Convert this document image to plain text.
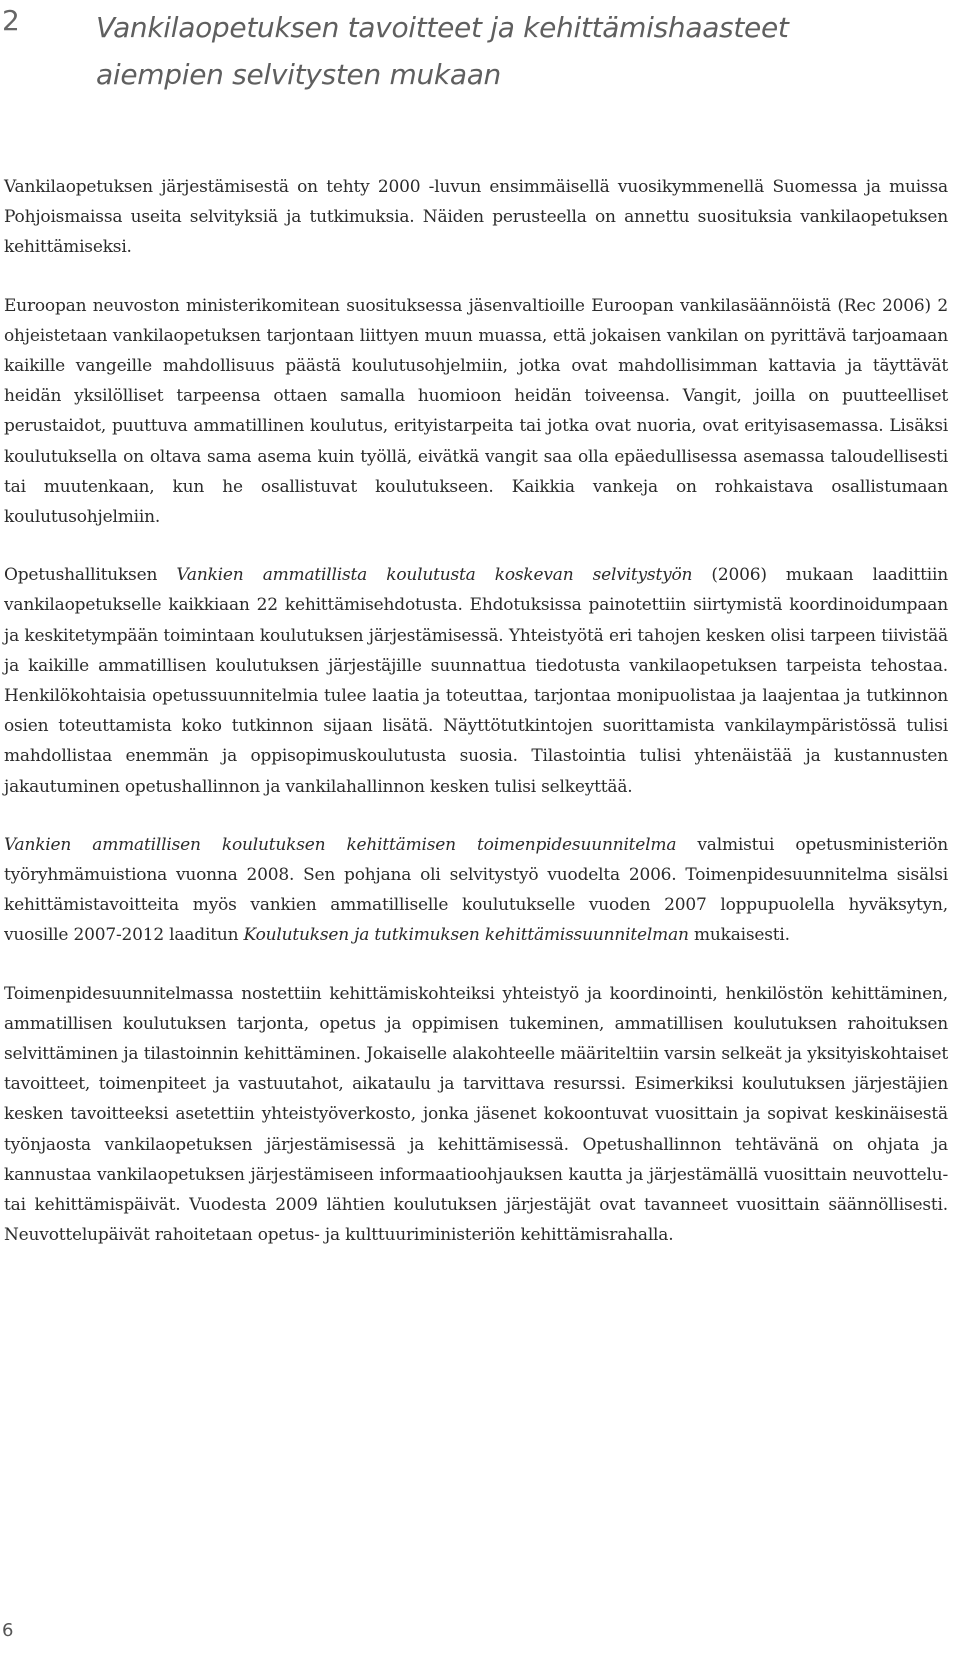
2	Vankilaopetuksen tavoitteet ja kehittämishaasteet aiempien selvitysten mukaan

Vankilaopetuksen järjestämisestä on tehty 2000 -luvun ensimmäisellä vuosikymmenellä Suomessa ja muissa Pohjoismaissa useita selvityksiä ja tutkimuksia. Näiden perusteella on annettu suosituksia vankilaopetuksen kehittämiseksi.

Euroopan neuvoston ministerikomitean suosituksessa jäsenvaltioille Euroopan vankilasäännöistä (Rec 2006) 2 ohjeistetaan vankilaopetuksen tarjontaan liittyen muun muassa, että jokaisen vankilan on pyrittävä tarjoamaan kaikille vangeille mahdollisuus päästä koulutusohjelmiin, jotka ovat mahdollisimman kattavia ja täyttävät heidän yksilölliset tarpeensa ottaen samalla huomioon heidän toiveensa. Vangit, joilla on puutteelliset perustaidot, puuttuva ammatillinen koulutus, erityistarpeita tai jotka ovat nuoria, ovat erityisasemassa. Lisäksi koulutuksella on oltava sama asema kuin työllä, eivätkä vangit saa olla epäedullisessa asemassa taloudellisesti tai muutenkaan, kun he osallistuvat koulutukseen. Kaikkia vankeja on rohkaistava osallistumaan koulutusohjelmiin.

Opetushallituksen Vankien ammatillista koulutusta koskevan selvitystyön (2006) mukaan laadittiin vankilaopetukselle kaikkiaan 22 kehittämisehdotusta. Ehdotuksissa painotettiin siirtymistä koordinoidumpaan ja keskitetympään toimintaan koulutuksen järjestämisessä. Yhteistyötä eri tahojen kesken olisi tarpeen tiivistää ja kaikille ammatillisen koulutuksen järjestäjille suunnattua tiedotusta vankilaopetuksen tarpeista tehostaa. Henkilökohtaisia opetussuunnitelmia tulee laatia ja toteuttaa, tarjontaa monipuolistaa ja laajentaa ja tutkinnon osien toteuttamista koko tutkinnon sijaan lisätä. Näyttötutkintojen suorittamista vankilaympäristössä tulisi mahdollistaa enemmän ja oppisopimuskoulutusta suosia. Tilastointia tulisi yhtenäistää ja kustannusten jakautuminen opetushallinnon ja vankilahallinnon kesken tulisi selkeyttää.

Vankien ammatillisen koulutuksen kehittämisen toimenpidesuunnitelma valmistui opetusministeriön työryhmämuistiona vuonna 2008. Sen pohjana oli selvitystyö vuodelta 2006. Toimenpidesuunnitelma sisälsi kehittämistavoitteita myös vankien ammatilliselle koulutukselle vuoden 2007 loppupuolella hyväksytyn, vuosille 2007-2012 laaditun Koulutuksen ja tutkimuksen kehittämissuunnitelman mukaisesti.

Toimenpidesuunnitelmassa nostettiin kehittämiskohteiksi yhteistyö ja koordinointi, henkilöstön kehittäminen, ammatillisen koulutuksen tarjonta, opetus ja oppimisen tukeminen, ammatillisen koulutuksen rahoituksen selvittäminen ja tilastoinnin kehittäminen. Jokaiselle alakohteelle määriteltiin varsin selkeät ja yksityiskohtaiset tavoitteet, toimenpiteet ja vastuutahot, aikataulu ja tarvittava resurssi. Esimerkiksi koulutuksen järjestäjien kesken tavoitteeksi asetettiin yhteistyöverkosto, jonka jäsenet kokoontuvat vuosittain ja sopivat keskinäisestä työnjaosta vankilaopetuksen järjestämisessä ja kehittämisessä. Opetushallinnon tehtävänä on ohjata ja kannustaa vankilaopetuksen järjestämiseen informaatioohjauksen kautta ja järjestämällä vuosittain neuvottelu- tai kehittämispäivät. Vuodesta 2009 lähtien koulutuksen järjestäjät ovat tavanneet vuosittain säännöllisesti. Neuvottelupäivät rahoitetaan opetus- ja kulttuuriministeriön kehittämisrahalla.

6
